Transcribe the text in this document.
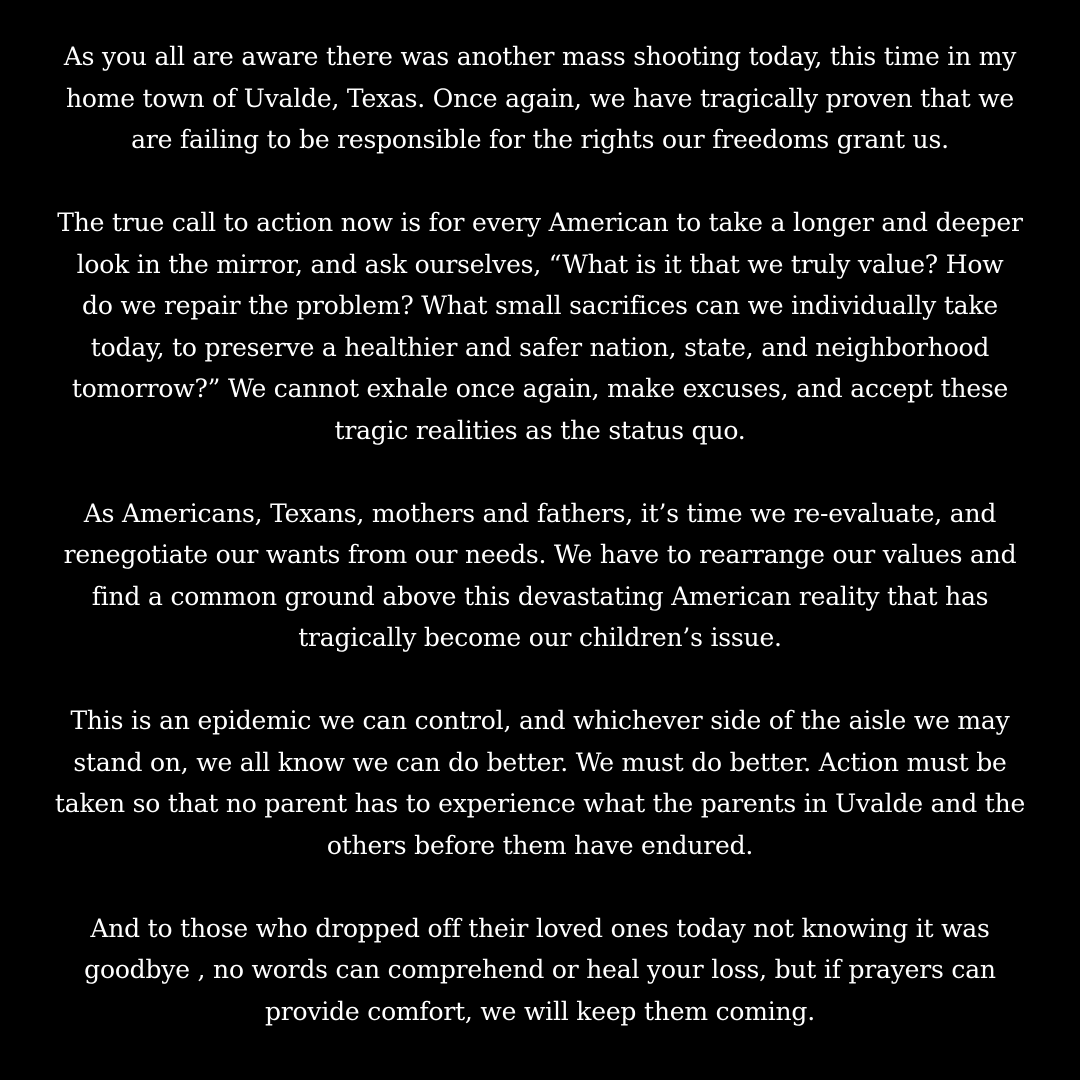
As you all are aware there was another mass shooting today, this time in my
home town of Uvalde, Texas. Once again, we have tragically proven that we
are failing to be responsible for the rights our freedoms grant us.

The true call to action now is for every American to take a longer and deeper
look in the mirror, and ask ourselves, “What is it that we truly value? How
do we repair the problem? What small sacrifices can we individually take
today, to preserve a healthier and safer nation, state, and neighborhood
tomorrow?” We cannot exhale once again, make excuses, and accept these
tragic realities as the status quo.

As Americans, Texans, mothers and fathers, it’s time we re-evaluate, and
renegotiate our wants from our needs. We have to rearrange our values and
find a common ground above this devastating American reality that has
tragically become our children’s issue.

This is an epidemic we can control, and whichever side of the aisle we may
stand on, we all know we can do better. We must do better. Action must be
taken so that no parent has to experience what the parents in Uvalde and the
others before them have endured.

And to those who dropped off their loved ones today not knowing it was
goodbye , no words can comprehend or heal your loss, but if prayers can
provide comfort, we will keep them coming.
